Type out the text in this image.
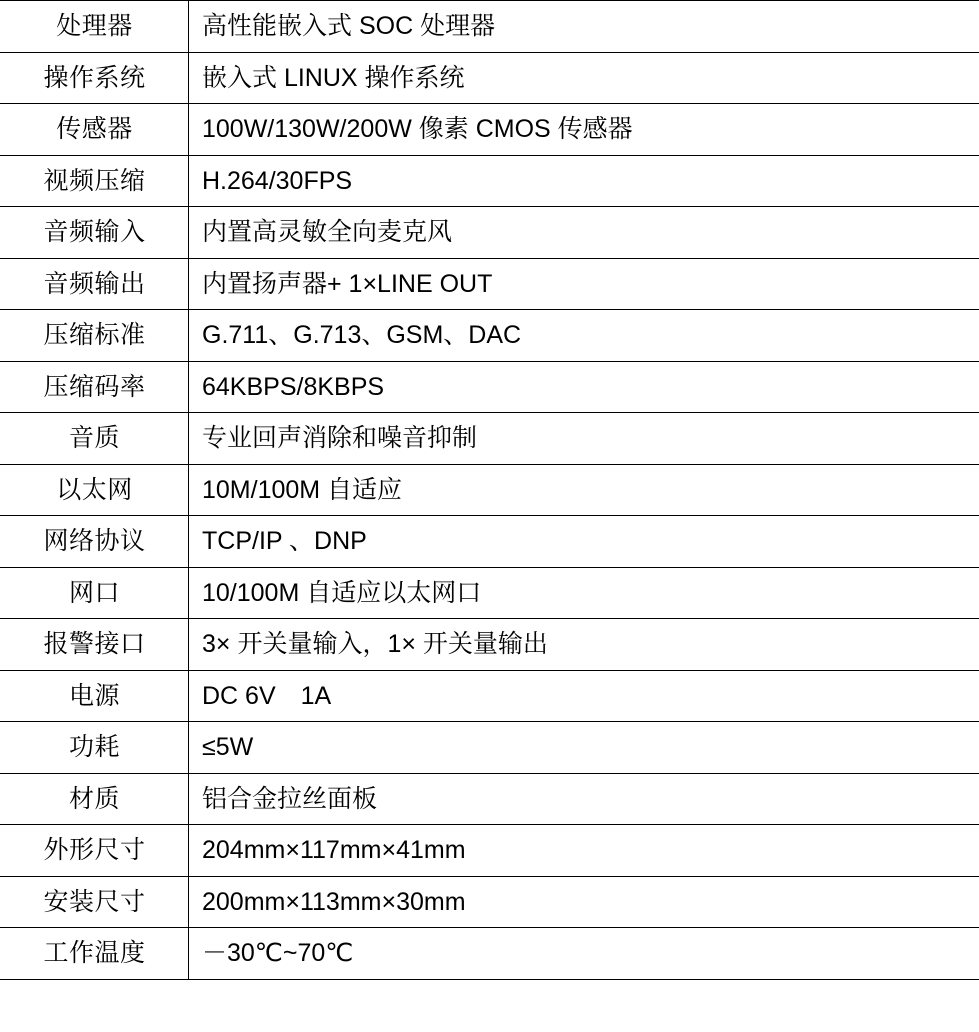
处理器	高性能嵌入式 SOC 处理器
操作系统	嵌入式 LINUX 操作系统
传感器	100W/130W/200W 像素 CMOS 传感器
视频压缩	H.264/30FPS
音频输入	内置高灵敏全向麦克风
音频输出	内置扬声器+ 1×LINE OUT
压缩标准	G.711、G.713、GSM、DAC
压缩码率	64KBPS/8KBPS
音质	专业回声消除和噪音抑制
以太网	10M/100M 自适应
网络协议	TCP/IP 、DNP
网口	10/100M 自适应以太网口
报警接口	3× 开关量输入，1× 开关量输出
电源	DC 6V　1A
功耗	≤5W
材质	铝合金拉丝面板
外形尺寸	204mm×117mm×41mm
安装尺寸	200mm×113mm×30mm
工作温度	－30℃~70℃
